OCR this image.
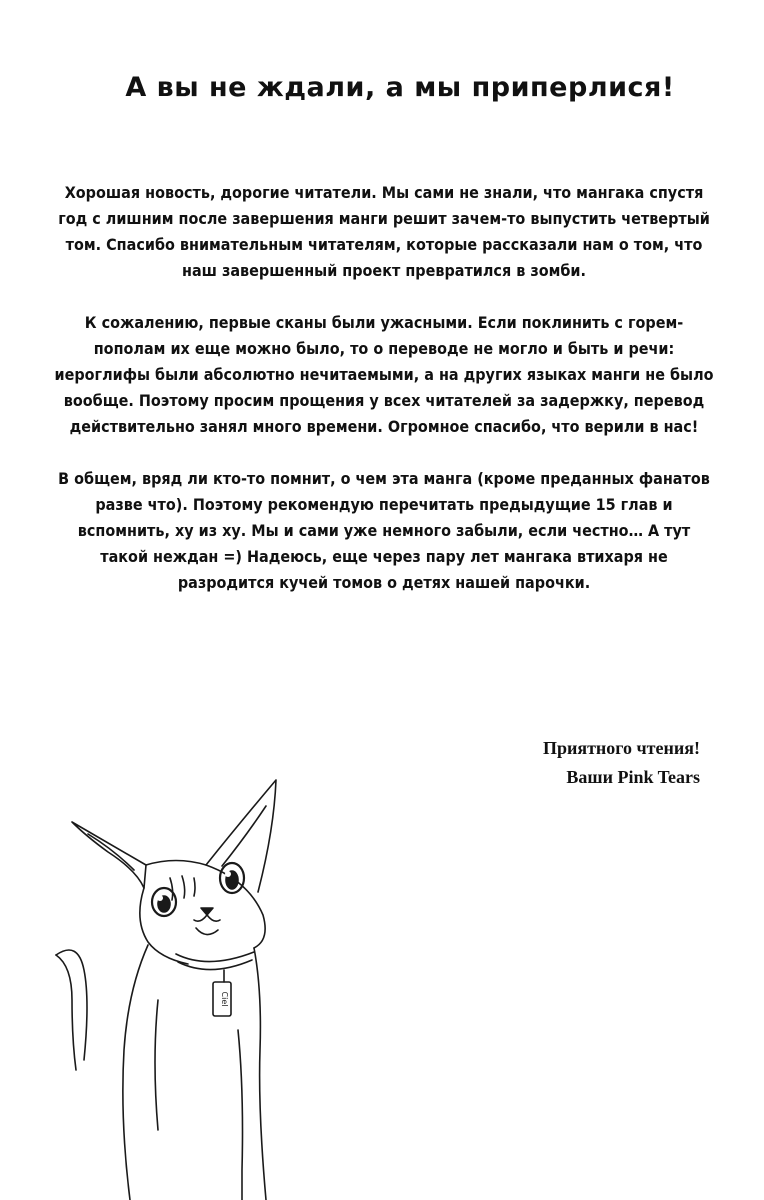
А вы не ждали, а мы приперлися!

Хорошая новость, дорогие читатели. Мы сами не знали, что мангака спустя год с лишним после завершения манги решит зачем-то выпустить четвертый том. Спасибо внимательным читателям, которые рассказали нам о том, что наш завершенный проект превратился в зомби.

К сожалению, первые сканы были ужасными. Если поклинить с горем-пополам их еще можно было, то о переводе не могло и быть и речи: иероглифы были абсолютно нечитаемыми, а на других языках манги не было вообще. Поэтому просим прощения у всех читателей за задержку, перевод действительно занял много времени. Огромное спасибо, что верили в нас!

В общем, вряд ли кто-то помнит, о чем эта манга (кроме преданных фанатов разве что). Поэтому рекомендую перечитать предыдущие 15 глав и вспомнить, ху из ху. Мы и сами уже немного забыли, если честно… А тут такой неждан =) Надеюсь, еще через пару лет мангака втихаря не разродится кучей томов о детях нашей парочки.

Приятного чтения!
Ваши Pink Tears
Ciel
